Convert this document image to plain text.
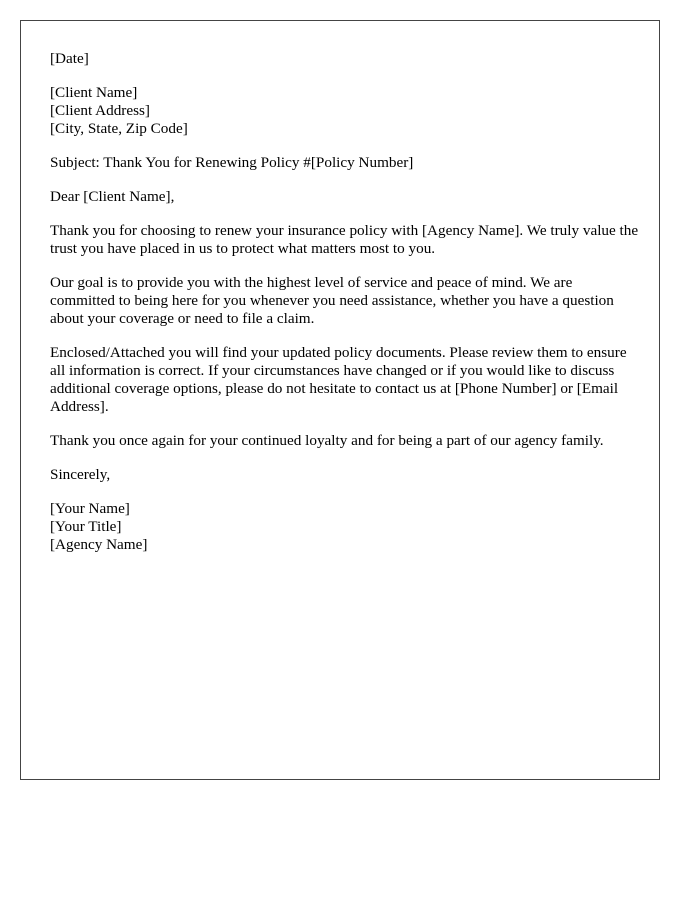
[Date]

[Client Name]
[Client Address]
[City, State, Zip Code]

Subject: Thank You for Renewing Policy #[Policy Number]

Dear [Client Name],

Thank you for choosing to renew your insurance policy with [Agency Name]. We truly value the trust you have placed in us to protect what matters most to you.

Our goal is to provide you with the highest level of service and peace of mind. We are committed to being here for you whenever you need assistance, whether you have a question about your coverage or need to file a claim.

Enclosed/Attached you will find your updated policy documents. Please review them to ensure all information is correct. If your circumstances have changed or if you would like to discuss additional coverage options, please do not hesitate to contact us at [Phone Number] or [Email Address].

Thank you once again for your continued loyalty and for being a part of our agency family.

Sincerely,

[Your Name]
[Your Title]
[Agency Name]
